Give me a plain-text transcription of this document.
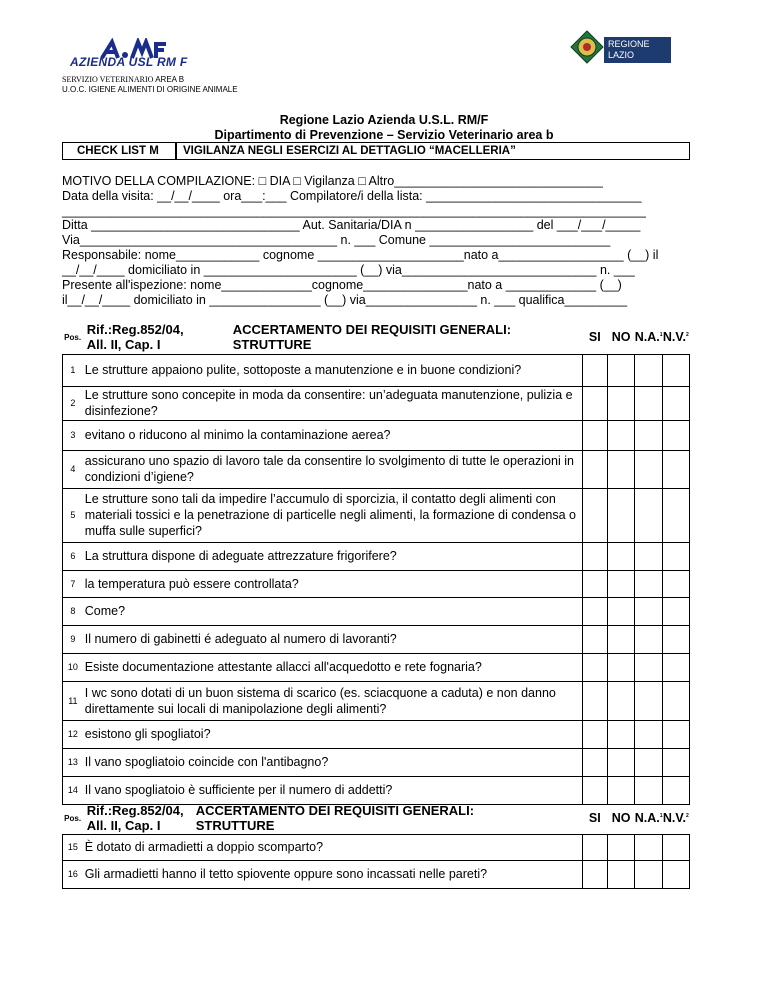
AZIENDA USL RM F
SERVIZIO VETERINARIO AREA B
U.O.C. IGIENE ALIMENTI DI ORIGINE ANIMALE
REGIONE
LAZIO
Regione Lazio Azienda U.S.L. RM/F
Dipartimento di Prevenzione – Servizio Veterinario area b
CHECK LIST M	VIGILANZA NEGLI ESERCIZI AL DETTAGLIO “MACELLERIA”
MOTIVO DELLA COMPILAZIONE: □ DIA □ Vigilanza □ Altro______________________________
Data della visita: __/__/____ ora___:___ Compilatore/i della lista: _______________________________
____________________________________________________________________________________
Ditta ______________________________ Aut. Sanitaria/DIA n _________________ del ___/___/_____
Via_____________________________________ n. ___ Comune __________________________
Responsabile: nome____________ cognome _____________________nato a__________________ (__) il
__/__/____ domiciliato in ______________________ (__) via____________________________ n. ___
Presente all'ispezione: nome_____________cognome_______________nato a _____________ (__)
il__/__/____ domiciliato in ________________ (__) via________________ n. ___ qualifica_________
Pos.	Rif.:Reg.852/04,
All. II, Cap. I
ACCERTAMENTO DEI REQUISITI GENERALI:
STRUTTURE	SI	NO	N.A.$^1$	N.V.$^2$
1	Le strutture appaiono pulite, sottoposte a manutenzione e in buone condizioni?				
2	Le strutture sono concepite in moda da consentire: un’adeguata manutenzione, pulizia e disinfezione?				
3	evitano o riducono al minimo la contaminazione aerea?				
4	assicurano uno spazio di lavoro tale da consentire lo svolgimento di tutte le operazioni in condizioni d’igiene?				
5	Le strutture sono tali da impedire l’accumulo di sporcizia, il contatto degli alimenti con materiali tossici e la penetrazione di particelle negli alimenti, la formazione di condensa o muffa sulle superfici?				
6	La struttura dispone di adeguate attrezzature frigorifere?				
7	la temperatura può essere controllata?				
8	Come?				
9	Il numero di gabinetti é adeguato al numero di lavoranti?				
10	Esiste documentazione attestante allacci all'acquedotto e rete fognaria?				
11	I wc sono dotati di un buon sistema di scarico (es. sciacquone a caduta) e non danno direttamente sui locali di manipolazione degli alimenti?				
12	esistono gli spogliatoi?				
13	Il vano spogliatoio coincide con l'antibagno?				
14	Il vano spogliatoio è sufficiente per il numero di addetti?				
Pos.	Rif.:Reg.852/04,
All. II, Cap. I
ACCERTAMENTO DEI REQUISITI GENERALI:
STRUTTURE	SI	NO	N.A.$^1$	N.V.$^2$
15	È dotato di armadietti a doppio scomparto?				
16	Gli armadietti hanno il tetto spiovente oppure sono incassati nelle pareti?				
